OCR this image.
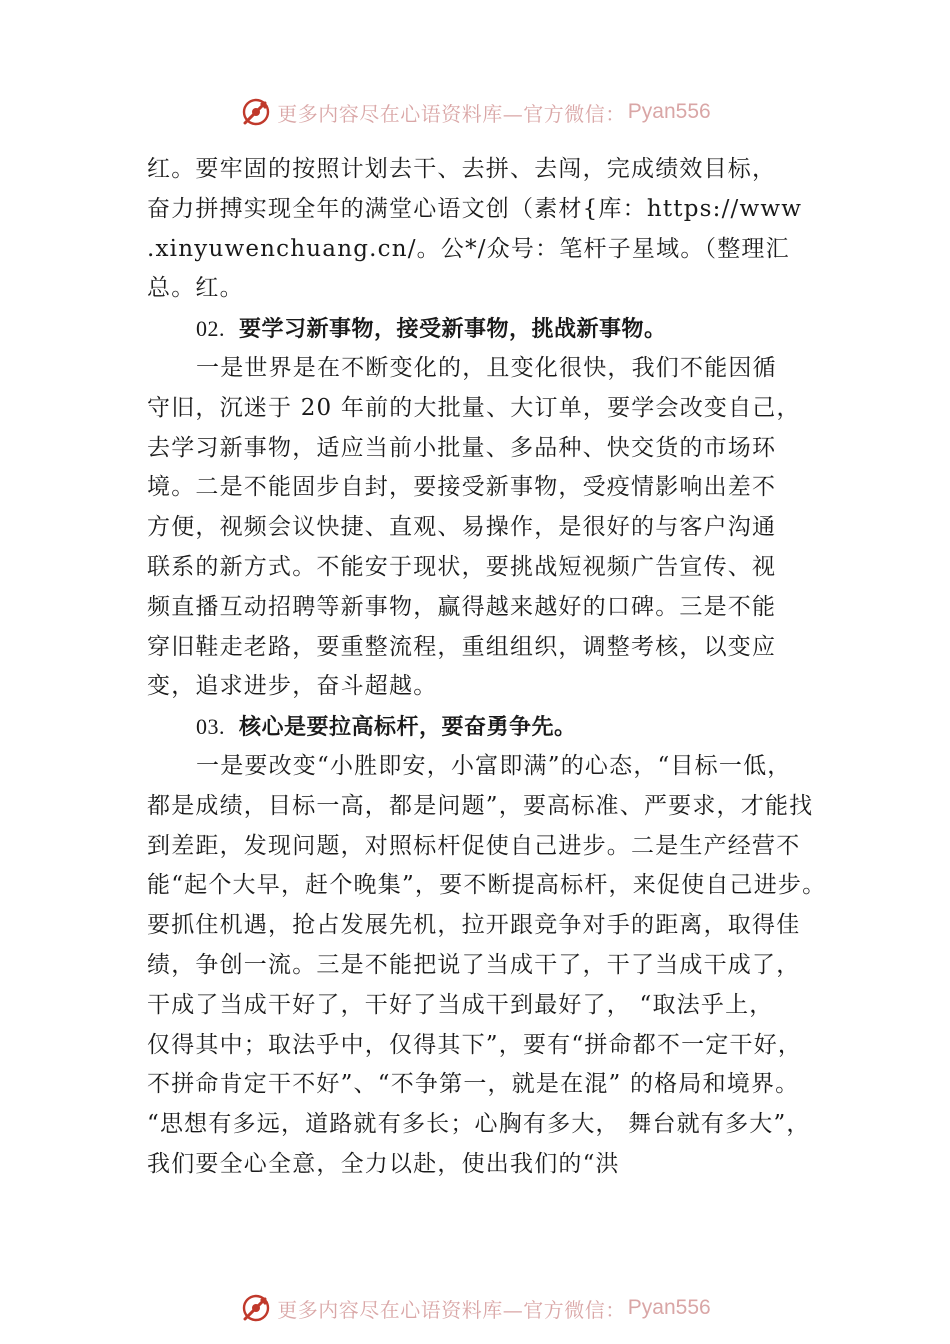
更多内容尽在心语资料库—官方微信： Pyan556
红。要牢固的按照计划去干、去拼、去闯，完成绩效目标，
奋力拼搏实现全年的满堂心语文创（素材{库：https://www
.xinyuwenchuang.cn/。公*/众号：笔杆子星域。（整理汇
总。红。
02. 要学习新事物，接受新事物，挑战新事物。
一是世界是在不断变化的，且变化很快，我们不能因循
守旧，沉迷于 20 年前的大批量、大订单，要学会改变自己，
去学习新事物，适应当前小批量、多品种、快交货的市场环
境。二是不能固步自封，要接受新事物，受疫情影响出差不
方便，视频会议快捷、直观、易操作，是很好的与客户沟通
联系的新方式。不能安于现状，要挑战短视频广告宣传、视
频直播互动招聘等新事物，赢得越来越好的口碑。三是不能
穿旧鞋走老路，要重整流程，重组组织，调整考核，以变应
变，追求进步，奋斗超越。
03. 核心是要拉高标杆，要奋勇争先。
一是要改变“小胜即安，小富即满”的心态，“目标一低，
都是成绩，目标一高，都是问题”，要高标准、严要求，才能找
到差距，发现问题，对照标杆促使自己进步。二是生产经营不
能“起个大早，赶个晚集”，要不断提高标杆，来促使自己进步。
要抓住机遇，抢占发展先机，拉开跟竞争对手的距离，取得佳
绩，争创一流。三是不能把说了当成干了，干了当成干成了，
干成了当成干好了，干好了当成干到最好了， “取法乎上，
仅得其中；取法乎中，仅得其下”，要有“拼命都不一定干好，
不拼命肯定干不好”、“不争第一，就是在混” 的格局和境界。
“思想有多远，道路就有多长；心胸有多大， 舞台就有多大”，
我们要全心全意，全力以赴，使出我们的“洪
更多内容尽在心语资料库—官方微信： Pyan556
